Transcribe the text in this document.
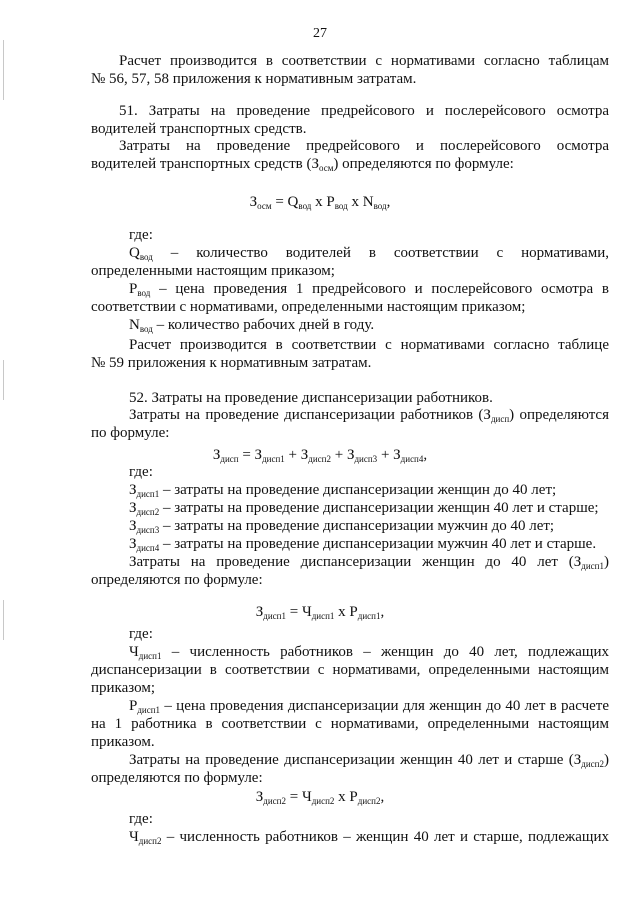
27
Расчет производится в соответствии с нормативами согласно таблицам
№ 56, 57, 58 приложения к нормативным затратам.
51. Затраты на проведение предрейсового и послерейсового осмотра
водителей транспортных средств.
Затраты на проведение предрейсового и послерейсового осмотра
водителей транспортных средств $(З_{осм})$ определяются по формуле:
$З_{осм} = Q_{вод}$ x $P_{вод}$ x $N_{вод}$,
где:
$Q_{вод}$ – количество водителей в соответствии с нормативами,
определенными настоящим приказом;
$P_{вод}$ – цена проведения 1 предрейсового и послерейсового осмотра в
соответствии с нормативами, определенными настоящим приказом;
$N_{вод}$ – количество рабочих дней в году.
Расчет производится в соответствии с нормативами согласно таблице
№ 59 приложения к нормативным затратам.
52. Затраты на проведение диспансеризации работников.
Затраты на проведение диспансеризации работников $(З_{дисп})$ определяются
по формуле:
$З_{дисп} = З_{дисп1} + З_{дисп2} + З_{дисп3} + З_{дисп4}$,
где:
$З_{дисп1}$ – затраты на проведение диспансеризации женщин до 40 лет;
$З_{дисп2}$ – затраты на проведение диспансеризации женщин 40 лет и старше;
$З_{дисп3}$ – затраты на проведение диспансеризации мужчин до 40 лет;
$З_{дисп4}$ – затраты на проведение диспансеризации мужчин 40 лет и старше.
Затраты на проведение диспансеризации женщин до 40 лет $(З_{дисп1})$
определяются по формуле:
$З_{дисп1} = Ч_{дисп1}$ x $P_{дисп1}$,
где:
$Ч_{дисп1}$ – численность работников – женщин до 40 лет, подлежащих
диспансеризации в соответствии с нормативами, определенными настоящим
приказом;
$P_{дисп1}$ – цена проведения диспансеризации для женщин до 40 лет в расчете
на 1 работника в соответствии с нормативами, определенными настоящим
приказом.
Затраты на проведение диспансеризации женщин 40 лет и старше $(З_{дисп2})$
определяются по формуле:
$З_{дисп2} = Ч_{дисп2}$ x $P_{дисп2}$,
где:
$Ч_{дисп2}$ – численность работников – женщин 40 лет и старше, подлежащих
